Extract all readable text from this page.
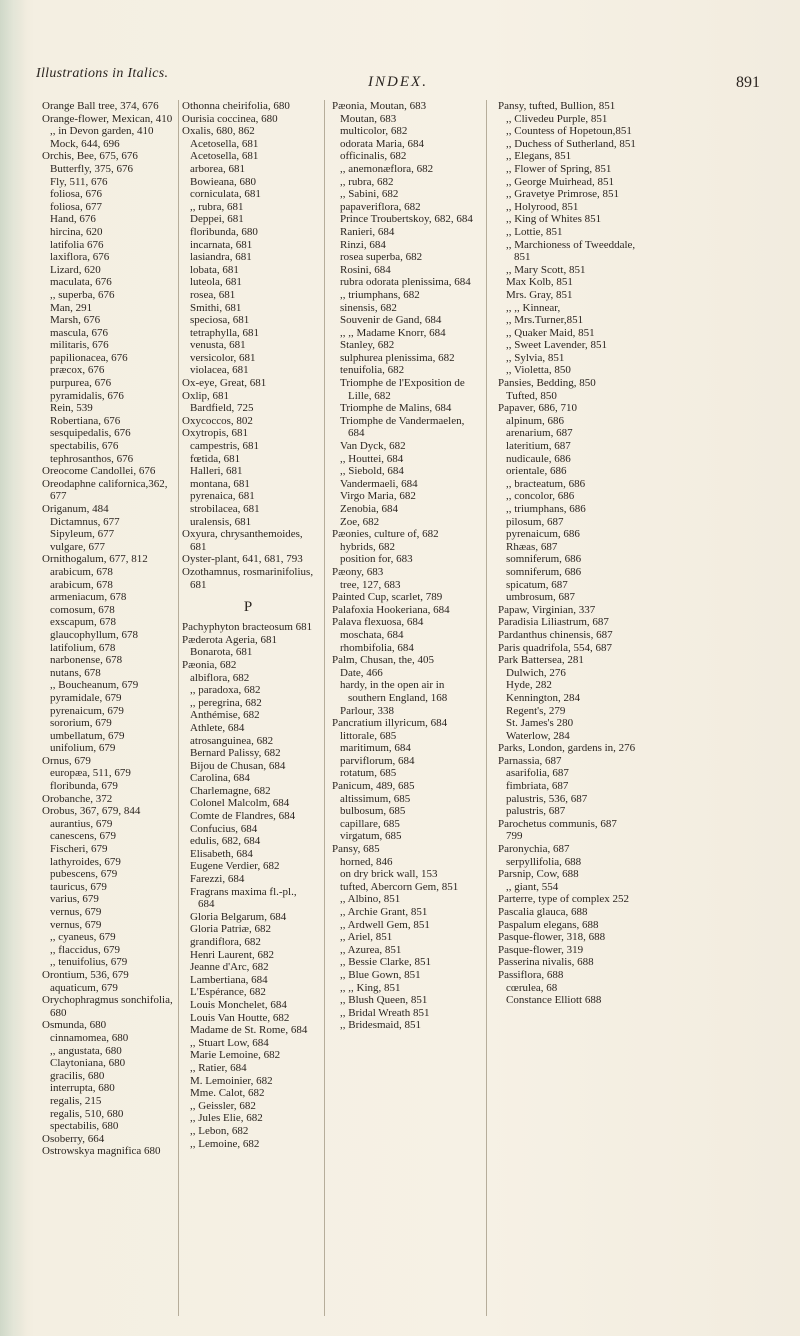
Illustrations in Italics.
INDEX.	891
Orange Ball tree, 374, 676
Orange-flower, Mexican, 410
,, in Devon garden, 410
Mock, 644, 696
Orchis, Bee, 675, 676
Butterfly, 375, 676
Fly, 511, 676
foliosa, 676
foliosa, 677
Hand, 676
hircina, 620
latifolia 676
laxiflora, 676
Lizard, 620
maculata, 676
,, superba, 676
Man, 291
Marsh, 676
mascula, 676
militaris, 676
papilionacea, 676
præcox, 676
purpurea, 676
pyramidalis, 676
Rein, 539
Robertiana, 676
sesquipedalis, 676
spectabilis, 676
tephrosanthos, 676
Oreocome Candollei, 676
Oreodaphne californica,362, 677
Origanum, 484
Dictamnus, 677
Sipyleum, 677
vulgare, 677
Ornithogalum, 677, 812
arabicum, 678
arabicum, 678
armeniacum, 678
comosum, 678
exscapum, 678
glaucophyllum, 678
latifolium, 678
narbonense, 678
nutans, 678
,, Boucheanum, 679
pyramidale, 679
pyrenaicum, 679
sororium, 679
umbellatum, 679
unifolium, 679
Ornus, 679
europæa, 511, 679
floribunda, 679
Orobanche, 372
Orobus, 367, 679, 844
aurantius, 679
canescens, 679
Fischeri, 679
lathyroides, 679
pubescens, 679
tauricus, 679
varius, 679
vernus, 679
vernus, 679
,, cyaneus, 679
,, flaccidus, 679
,, tenuifolius, 679
Orontium, 536, 679
aquaticum, 679
Orychophragmus sonchifolia, 680
Osmunda, 680
cinnamomea, 680
,, angustata, 680
Claytoniana, 680
gracilis, 680
interrupta, 680
regalis, 215
regalis, 510, 680
spectabilis, 680
Osoberry, 664
Ostrowskya magnifica 680
Othonna cheirifolia, 680
Ourisia coccinea, 680
Oxalis, 680, 862
Acetosella, 681
Acetosella, 681
arborea, 681
Bowieana, 680
corniculata, 681
,, rubra, 681
Deppei, 681
floribunda, 680
incarnata, 681
lasiandra, 681
lobata, 681
luteola, 681
rosea, 681
Smithi, 681
speciosa, 681
tetraphylla, 681
venusta, 681
versicolor, 681
violacea, 681
Ox-eye, Great, 681
Oxlip, 681
Bardfield, 725
Oxycoccos, 802
Oxytropis, 681
campestris, 681
fœtida, 681
Halleri, 681
montana, 681
pyrenaica, 681
strobilacea, 681
uralensis, 681
Oxyura, chrysanthemoides, 681
Oyster-plant, 641, 681, 793
Ozothamnus, rosmarinifolius, 681
P
Pachyphyton bracteosum 681
Pæderota Ageria, 681
Bonarota, 681
Pæonia, 682
albiflora, 682
,, paradoxa, 682
,, peregrina, 682
Anthémise, 682
Athlete, 684
atrosanguinea, 682
Bernard Palissy, 682
Bijou de Chusan, 684
Carolina, 684
Charlemagne, 682
Colonel Malcolm, 684
Comte de Flandres, 684
Confucius, 684
edulis, 682, 684
Elisabeth, 684
Eugene Verdier, 682
Farezzi, 684
Fragrans maxima fl.-pl., 684
Gloria Belgarum, 684
Gloria Patriæ, 682
grandiflora, 682
Henri Laurent, 682
Jeanne d'Arc, 682
Lambertiana, 684
L'Espérance, 682
Louis Monchelet, 684
Louis Van Houtte, 682
Madame de St. Rome, 684
,, Stuart Low, 684
Marie Lemoine, 682
,, Ratier, 684
M. Lemoinier, 682
Mme. Calot, 682
,, Geissler, 682
,, Jules Elie, 682
,, Lebon, 682
,, Lemoine, 682
Pæonia, Moutan, 683
Moutan, 683
multicolor, 682
odorata Maria, 684
officinalis, 682
,, anemonæflora, 682
,, rubra, 682
,, Sabini, 682
papaveriflora, 682
Prince Troubertskoy, 682, 684
Ranieri, 684
Rinzi, 684
rosea superba, 682
Rosini, 684
rubra odorata plenissima, 684
,, triumphans, 682
sinensis, 682
Souvenir de Gand, 684
,, ,, Madame Knorr, 684
Stanley, 682
sulphurea plenissima, 682
tenuifolia, 682
Triomphe de l'Exposition de Lille, 682
Triomphe de Malins, 684
Triomphe de Vandermaelen, 684
Van Dyck, 682
,, Houttei, 684
,, Siebold, 684
Vandermaeli, 684
Virgo Maria, 682
Zenobia, 684
Zoe, 682
Pæonies, culture of, 682
hybrids, 682
position for, 683
Pæony, 683
tree, 127, 683
Painted Cup, scarlet, 789
Palafoxia Hookeriana, 684
Palava flexuosa, 684
moschata, 684
rhombifolia, 684
Palm, Chusan, the, 405
Date, 466
hardy, in the open air in southern England, 168
Parlour, 338
Pancratium illyricum, 684
littorale, 685
maritimum, 684
parviflorum, 684
rotatum, 685
Panicum, 489, 685
altissimum, 685
bulbosum, 685
capillare, 685
virgatum, 685
Pansy, 685
horned, 846
on dry brick wall, 153
tufted, Abercorn Gem, 851
,, Albino, 851
,, Archie Grant, 851
,, Ardwell Gem, 851
,, Ariel, 851
,, Azurea, 851
,, Bessie Clarke, 851
,, Blue Gown, 851
,, ,, King, 851
,, Blush Queen, 851
,, Bridal Wreath 851
,, Bridesmaid, 851
Pansy, tufted, Bullion, 851
,, Clivedeu Purple, 851
,, Countess of Hopetoun,851
,, Duchess of Sutherland, 851
,, Elegans, 851
,, Flower of Spring, 851
,, George Muirhead, 851
,, Gravetye Primrose, 851
,, Holyrood, 851
,, King of Whites 851
,, Lottie, 851
,, Marchioness of Tweeddale, 851
,, Mary Scott, 851
Max Kolb, 851
Mrs. Gray, 851
,, ,, Kinnear,
,, Mrs.Turner,851
,, Quaker Maid, 851
,, Sweet Lavender, 851
,, Sylvia, 851
,, Violetta, 850
Pansies, Bedding, 850
Tufted, 850
Papaver, 686, 710
alpinum, 686
arenarium, 687
lateritium, 687
nudicaule, 686
orientale, 686
,, bracteatum, 686
,, concolor, 686
,, triumphans, 686
pilosum, 687
pyrenaicum, 686
Rhæas, 687
somniferum, 686
somniferum, 686
spicatum, 687
umbrosum, 687
Papaw, Virginian, 337
Paradisia Liliastrum, 687
Pardanthus chinensis, 687
Paris quadrifola, 554, 687
Park Battersea, 281
Dulwich, 276
Hyde, 282
Kennington, 284
Regent's, 279
St. James's 280
Waterlow, 284
Parks, London, gardens in, 276
Parnassia, 687
asarifolia, 687
fimbriata, 687
palustris, 536, 687
palustris, 687
Parochetus communis, 687
799
Paronychia, 687
serpyllifolia, 688
Parsnip, Cow, 688
,, giant, 554
Parterre, type of complex 252
Pascalia glauca, 688
Paspalum elegans, 688
Pasque-flower, 318, 688
Pasque-flower, 319
Passerina nivalis, 688
Passiflora, 688
cœrulea, 68
Constance Elliott 688
